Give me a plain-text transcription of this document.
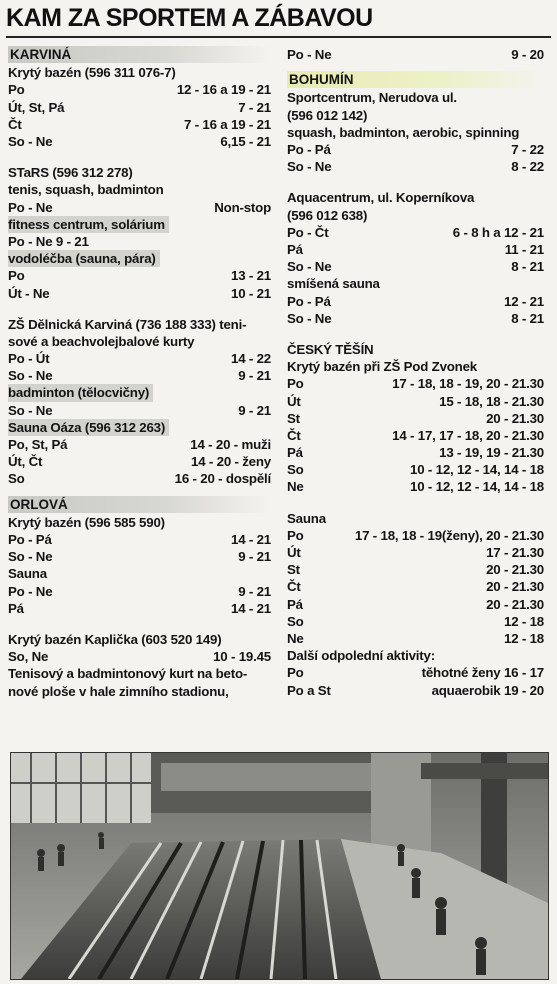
KAM ZA SPORTEM A ZÁBAVOU
KARVINÁ
Krytý bazén (596 311 076-7)
Po	12 - 16 a 19 - 21
Út, St, Pá	7 - 21
Čt	7 - 16 a 19 - 21
So - Ne	6,15 - 21
STaRS (596 312 278)
tenis, squash, badminton
Po - Ne	Non-stop
fitness centrum, solárium
Po - Ne 9 - 21
vodoléčba (sauna, pára)
Po	13 - 21
Út - Ne	10 - 21
ZŠ Dělnická Karviná (736 188 333) teni-
sové a beachvolejbalové kurty
Po - Út	14 - 22
So - Ne	9 - 21
badminton (tělocvičny)
So - Ne	9 - 21
Sauna Oáza (596 312 263)
Po, St, Pá	14 - 20 - muži
Út, Čt	14 - 20 - ženy
So	16 - 20 - dospělí
ORLOVÁ
Krytý bazén (596 585 590)
Po - Pá	14 - 21
So - Ne	9 - 21
Sauna
Po - Ne	9 - 21
Pá	14 - 21
Krytý bazén Kaplička (603 520 149)
So, Ne	10 - 19.45
Tenisový a badmintonový kurt na beto-
nové ploše v hale zimního stadionu,
Po - Ne	9 - 20
BOHUMÍN
Sportcentrum, Nerudova ul.
(596 012 142)
squash, badminton, aerobic, spinning
Po - Pá	7 - 22
So - Ne	8 - 22
Aquacentrum, ul. Koperníkova
(596 012 638)
Po - Čt	6 - 8 h a 12 - 21
Pá	11 - 21
So - Ne	8 - 21
smíšená sauna
Po - Pá	12 - 21
So - Ne	8 - 21
ČESKÝ TĚŠÍN
Krytý bazén při ZŠ Pod Zvonek
Po	17 - 18, 18 - 19, 20 - 21.30
Út	15 - 18, 18 - 21.30
St	20 - 21.30
Čt	14 - 17, 17 - 18, 20 - 21.30
Pá	13 - 19, 19 - 21.30
So	10 - 12, 12 - 14, 14 - 18
Ne	10 - 12, 12 - 14, 14 - 18
Sauna
Po	17 - 18, 18 - 19(ženy), 20 - 21.30
Út	17 - 21.30
St	20 - 21.30
Čt	20 - 21.30
Pá	20 - 21.30
So	12 - 18
Ne	12 - 18
Další odpolední aktivity:
Po	těhotné ženy 16 - 17
Po a St	aquaerobik 19 - 20
